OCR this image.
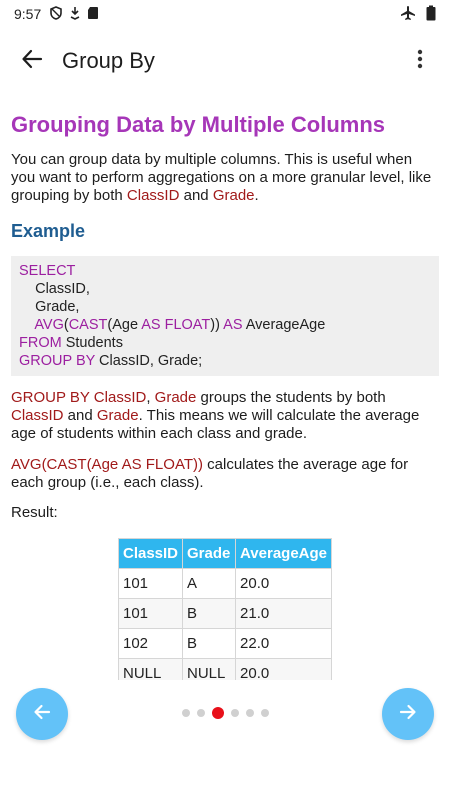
9:57
Group By
Grouping Data by Multiple Columns

You can group data by multiple columns. This is useful when you want to perform aggregations on a more granular level, like grouping by both ClassID and Grade.

Example
SELECT
ClassID,
Grade,
AVG(CAST(Age AS FLOAT)) AS AverageAge
FROM Students
GROUP BY ClassID, Grade;

GROUP BY ClassID, Grade groups the students by both ClassID and Grade. This means we will calculate the average age of students within each class and grade.

AVG(CAST(Age AS FLOAT)) calculates the average age for each group (i.e., each class).

Result:

ClassID	Grade	AverageAge
101	A	20.0
101	B	21.0
102	B	22.0
NULL	NULL	20.0
